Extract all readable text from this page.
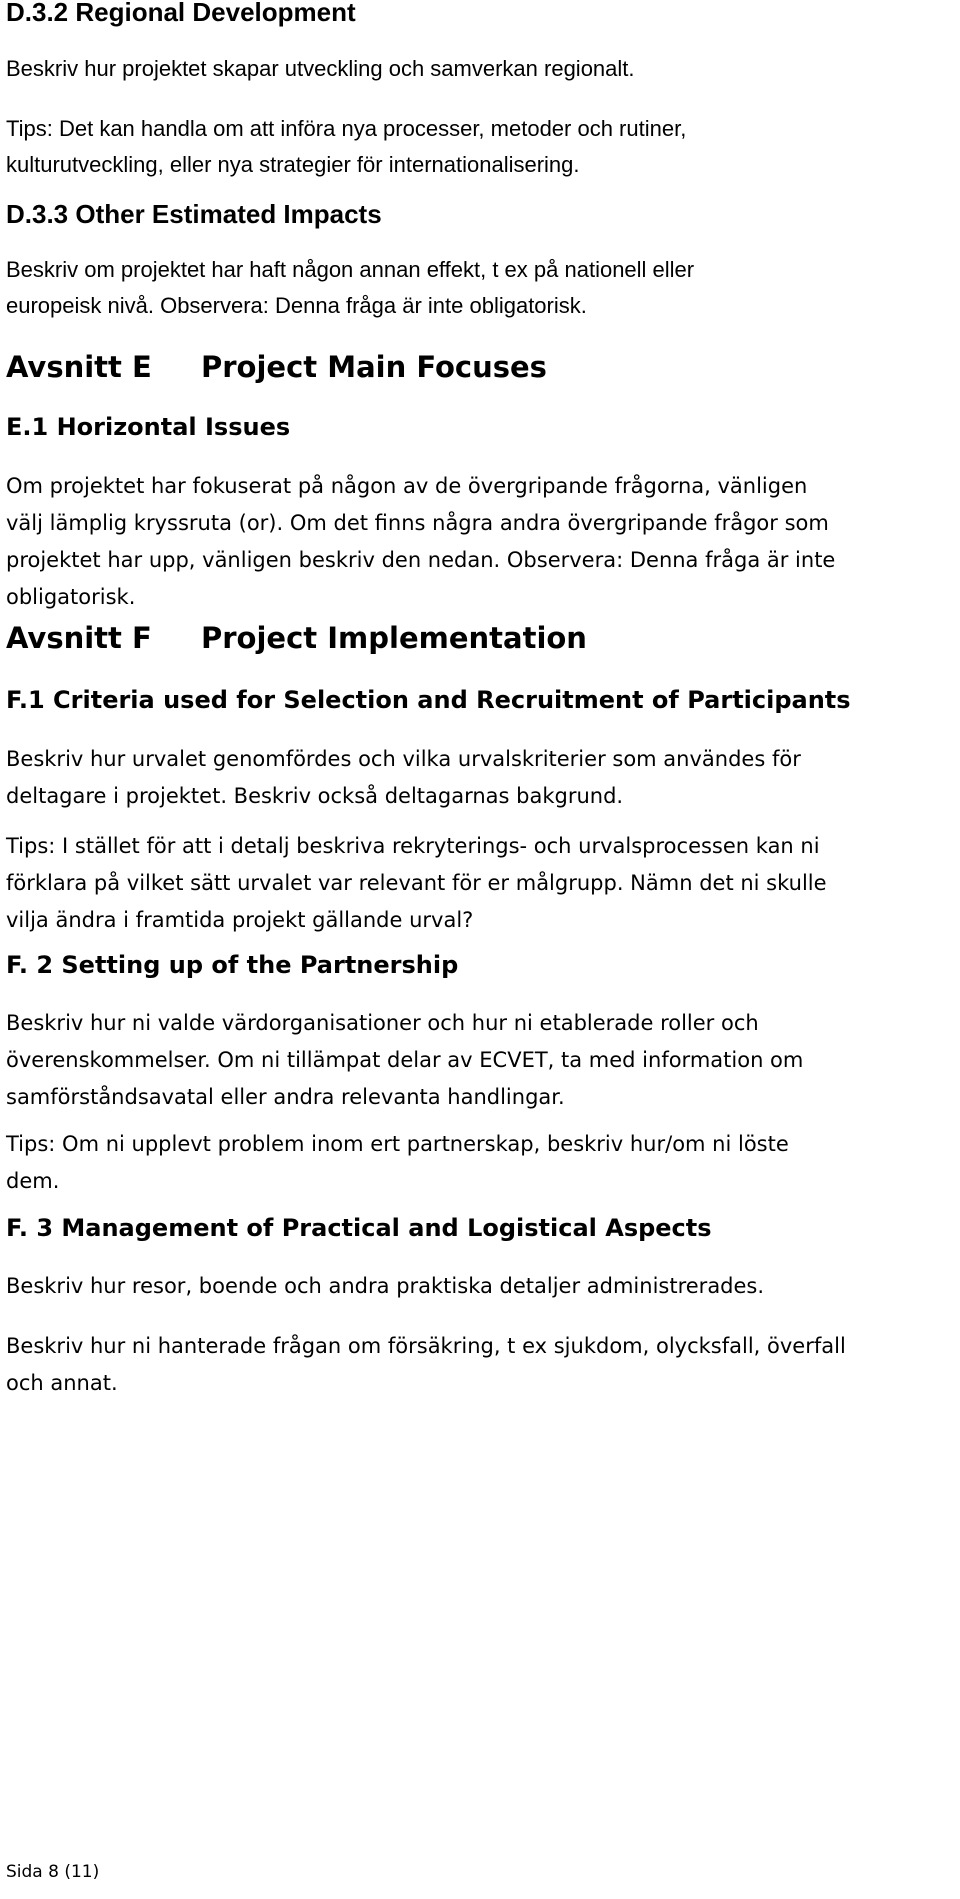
D.3.2 Regional Development
Beskriv hur projektet skapar utveckling och samverkan regionalt.
Tips: Det kan handla om att införa nya processer, metoder och rutiner,
kulturutveckling, eller nya strategier för internationalisering.
D.3.3 Other Estimated Impacts
Beskriv om projektet har haft någon annan effekt, t ex på nationell eller
europeisk nivå. Observera: Denna fråga är inte obligatorisk.
Avsnitt E Project Main Focuses
E.1 Horizontal Issues
Om projektet har fokuserat på någon av de övergripande frågorna, vänligen
välj lämplig kryssruta (or). Om det finns några andra övergripande frågor som
projektet har upp, vänligen beskriv den nedan. Observera: Denna fråga är inte
obligatorisk.
Avsnitt F Project Implementation
F.1 Criteria used for Selection and Recruitment of Participants
Beskriv hur urvalet genomfördes och vilka urvalskriterier som användes för
deltagare i projektet. Beskriv också deltagarnas bakgrund.
Tips: I stället för att i detalj beskriva rekryterings- och urvalsprocessen kan ni
förklara på vilket sätt urvalet var relevant för er målgrupp. Nämn det ni skulle
vilja ändra i framtida projekt gällande urval?
F. 2 Setting up of the Partnership
Beskriv hur ni valde värdorganisationer och hur ni etablerade roller och
överenskommelser. Om ni tillämpat delar av ECVET, ta med information om
samförståndsavatal eller andra relevanta handlingar.
Tips: Om ni upplevt problem inom ert partnerskap, beskriv hur/om ni löste
dem.
F. 3 Management of Practical and Logistical Aspects
Beskriv hur resor, boende och andra praktiska detaljer administrerades.
Beskriv hur ni hanterade frågan om försäkring, t ex sjukdom, olycksfall, överfall
och annat.
Sida 8 (11)
